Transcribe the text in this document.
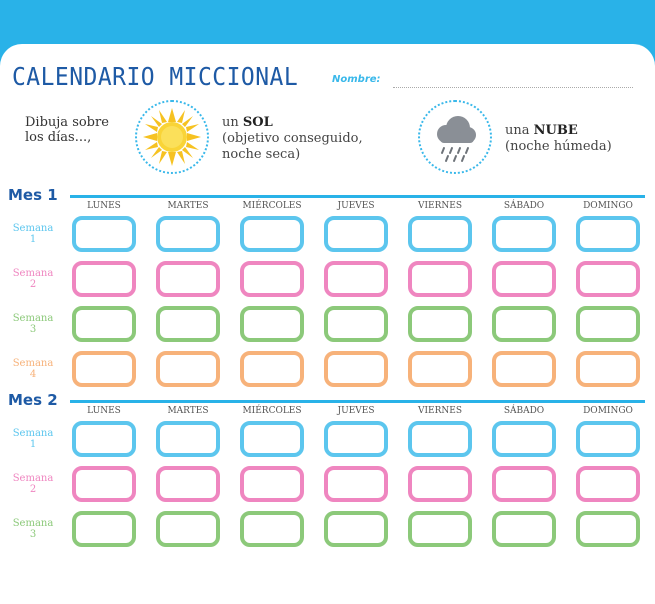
CALENDARIO MICCIONAL	Nombre:
Dibuja sobre los días...,
un SOL
(objetivo conseguido, noche seca)
una NUBE
(noche húmeda)
Mes 1
LUNES	MARTES	MIÉRCOLES	JUEVES	VIERNES	SÁBADO	DOMINGO
Semana
1
Semana
2
Semana
3
Semana
4
Mes 2
LUNES	MARTES	MIÉRCOLES	JUEVES	VIERNES	SÁBADO	DOMINGO
Semana
1
Semana
2
Semana
3
